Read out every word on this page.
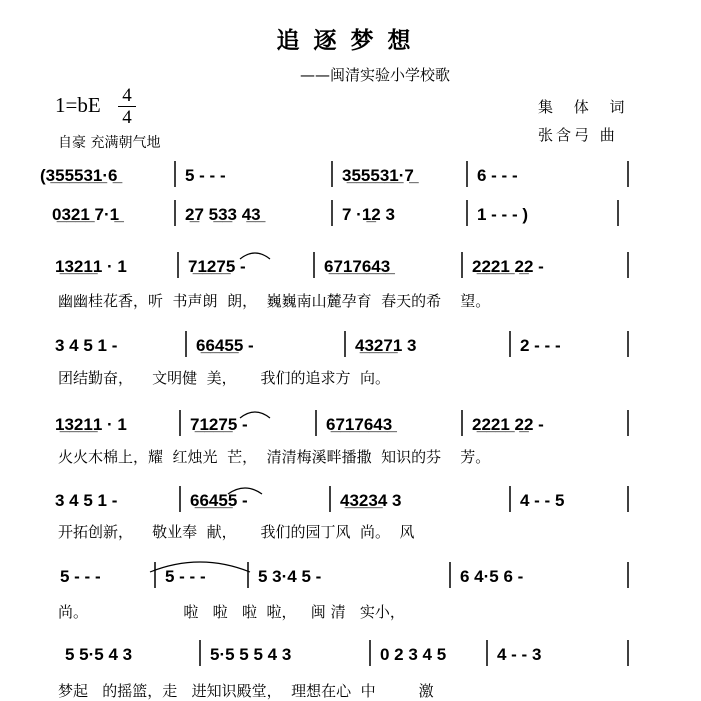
追逐梦想
——闽清实验小学校歌
1=bE 4
4	集 体 词
张含弓 曲
自豪 充满朝气地
(3̲5̲5̲5̲3̲1̲·6̲	5 - - -	3̲5̲5̲5̲3̲1̲·7̲	6 - - -
0̲3̲2̲1̲ 7·1̲	2̲7 5̲3̲3 4̲3̲	7 ·1̲2 3	1 - - - )
1̲3̲2̲1̲1 · 1	7̲1̲2̲7̲5 -	6̲7̲1̲7̲6̲4̲3̲	2̲2̲2̲1̲ 2̲2 -
幽幽桂花香，听  书声朗  朗，  巍巍南山麓孕育  春天的希    望。
3 4 5 1 -	6̲6̲4̲5̲5 -	4̲3̲2̲7̲1 3	2 - - -
团结勤奋，    文明健  美，     我们的追求方  向。
1̲3̲2̲1̲1 · 1	7̲1̲2̲7̲5 -	6̲7̲1̲7̲6̲4̲3̲	2̲2̲2̲1̲ 2̲2 -
火火木棉上，耀  红烛光  芒，  清清梅溪畔播撒  知识的芬    芳。
3 4 5 1 -	6̲6̲4̲5̲5 -	4̲3̲2̲3̲4 3	4 - - 5
开拓创新，    敬业奉  献，     我们的园丁风  尚。  风
5 - - -	5 - - -	5 3·4 5 -	6 4·5 6 -
尚。                    啦   啦   啦  啦，   闽 清   实小，
5 5·5 4 3	5·5 5 5 4 3	0 2 3 4 5	4 - - 3
梦起   的摇篮，走   进知识殿堂，  理想在心  中         激
